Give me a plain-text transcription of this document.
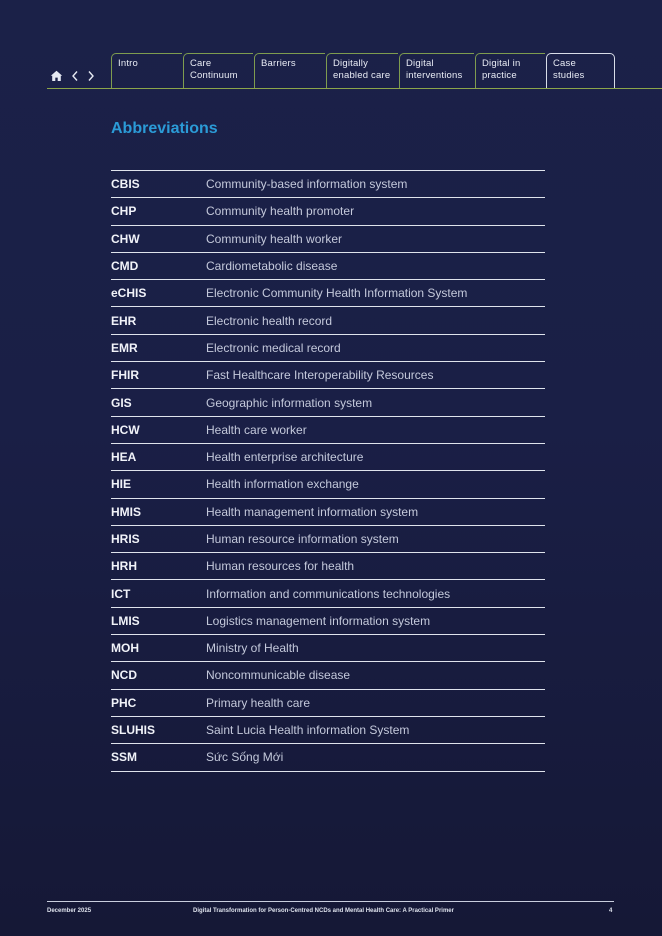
Intro	Care
Continuum
Barriers	Digitally
enabled care
Digital
interventions
Digital in
practice
Case
studies
Abbreviations
CBIS	Community-based information system
CHP	Community health promoter
CHW	Community health worker
CMD	Cardiometabolic disease
eCHIS	Electronic Community Health Information System
EHR	Electronic health record
EMR	Electronic medical record
FHIR	Fast Healthcare Interoperability Resources
GIS	Geographic information system
HCW	Health care worker
HEA	Health enterprise architecture
HIE	Health information exchange
HMIS	Health management information system
HRIS	Human resource information system
HRH	Human resources for health
ICT	Information and communications technologies
LMIS	Logistics management information system
MOH	Ministry of Health
NCD	Noncommunicable disease
PHC	Primary health care
SLUHIS	Saint Lucia Health information System
SSM	Sức Sống Mới
December 2025	Digital Transformation for Person-Centred NCDs and Mental Health Care: A Practical Primer	4
